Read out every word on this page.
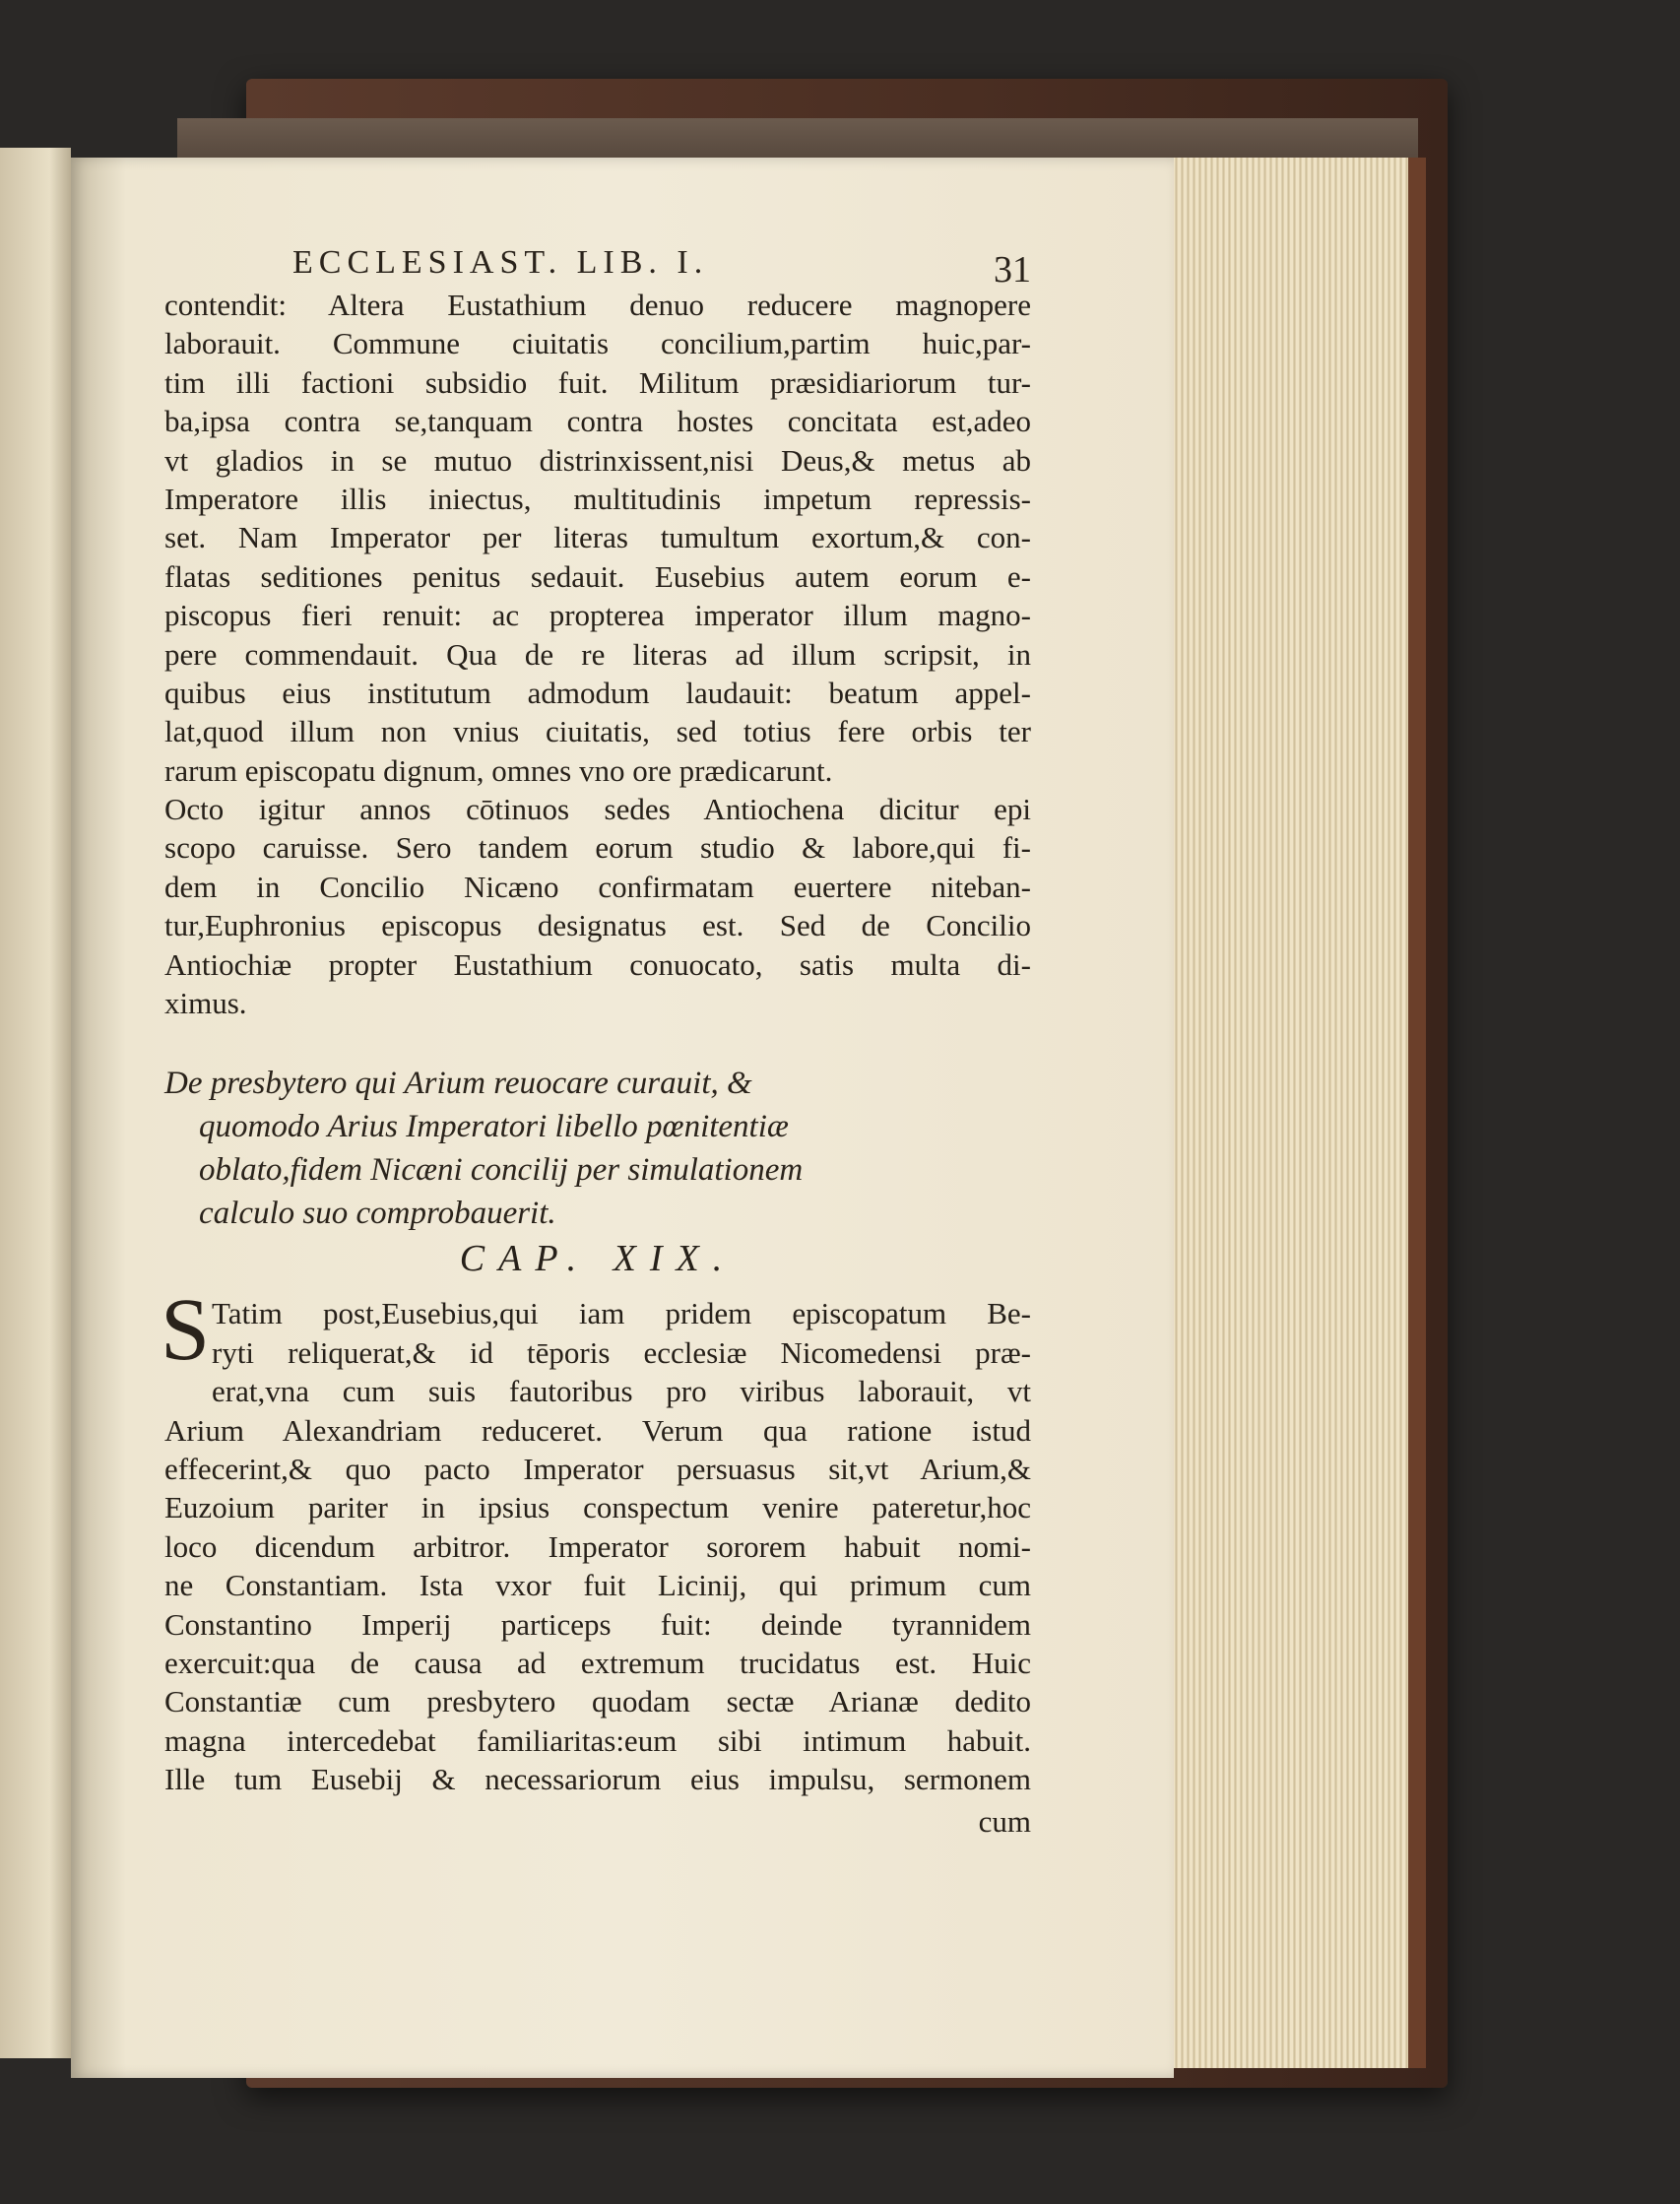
ECCLESIAST. LIB. I.	31
contendit: Altera Eustathium denuo reducere magnopere
laborauit. Commune ciuitatis concilium,partim huic,par-
tim illi factioni subsidio fuit. Militum præsidiariorum tur-
ba,ipsa contra se,tanquam contra hostes concitata est,adeo
vt gladios in se mutuo distrinxissent,nisi Deus,& metus ab
Imperatore illis iniectus, multitudinis impetum repressis-
set. Nam Imperator per literas tumultum exortum,& con-
flatas seditiones penitus sedauit. Eusebius autem eorum e-
piscopus fieri renuit: ac propterea imperator illum magno-
pere commendauit. Qua de re literas ad illum scripsit, in
quibus eius institutum admodum laudauit: beatum appel-
lat,quod illum non vnius ciuitatis, sed totius fere orbis ter
rarum episcopatu dignum, omnes vno ore prædicarunt.
Octo igitur annos cōtinuos sedes Antiochena dicitur epi
scopo caruisse. Sero tandem eorum studio & labore,qui fi-
dem in Concilio Nicæno confirmatam euertere niteban-
tur,Euphronius episcopus designatus est. Sed de Concilio
Antiochiæ propter Eustathium conuocato, satis multa di-
ximus.
De presbytero qui Arium reuocare curauit, &
quomodo Arius Imperatori libello pœnitentiæ
oblato,fidem Nicæni concilij per simulationem
calculo suo comprobauerit.
CAP. XIX.
S Tatim post,Eusebius,qui iam pridem episcopatum Be-
ryti reliquerat,& id tēporis ecclesiæ Nicomedensi præ-
erat,vna cum suis fautoribus pro viribus laborauit, vt
Arium Alexandriam reduceret. Verum qua ratione istud
effecerint,& quo pacto Imperator persuasus sit,vt Arium,&
Euzoium pariter in ipsius conspectum venire pateretur,hoc
loco dicendum arbitror. Imperator sororem habuit nomi-
ne Constantiam. Ista vxor fuit Licinij, qui primum cum
Constantino Imperij particeps fuit: deinde tyrannidem
exercuit:qua de causa ad extremum trucidatus est. Huic
Constantiæ cum presbytero quodam sectæ Arianæ dedito
magna intercedebat familiaritas:eum sibi intimum habuit.
Ille tum Eusebij & necessariorum eius impulsu, sermonem
cum
